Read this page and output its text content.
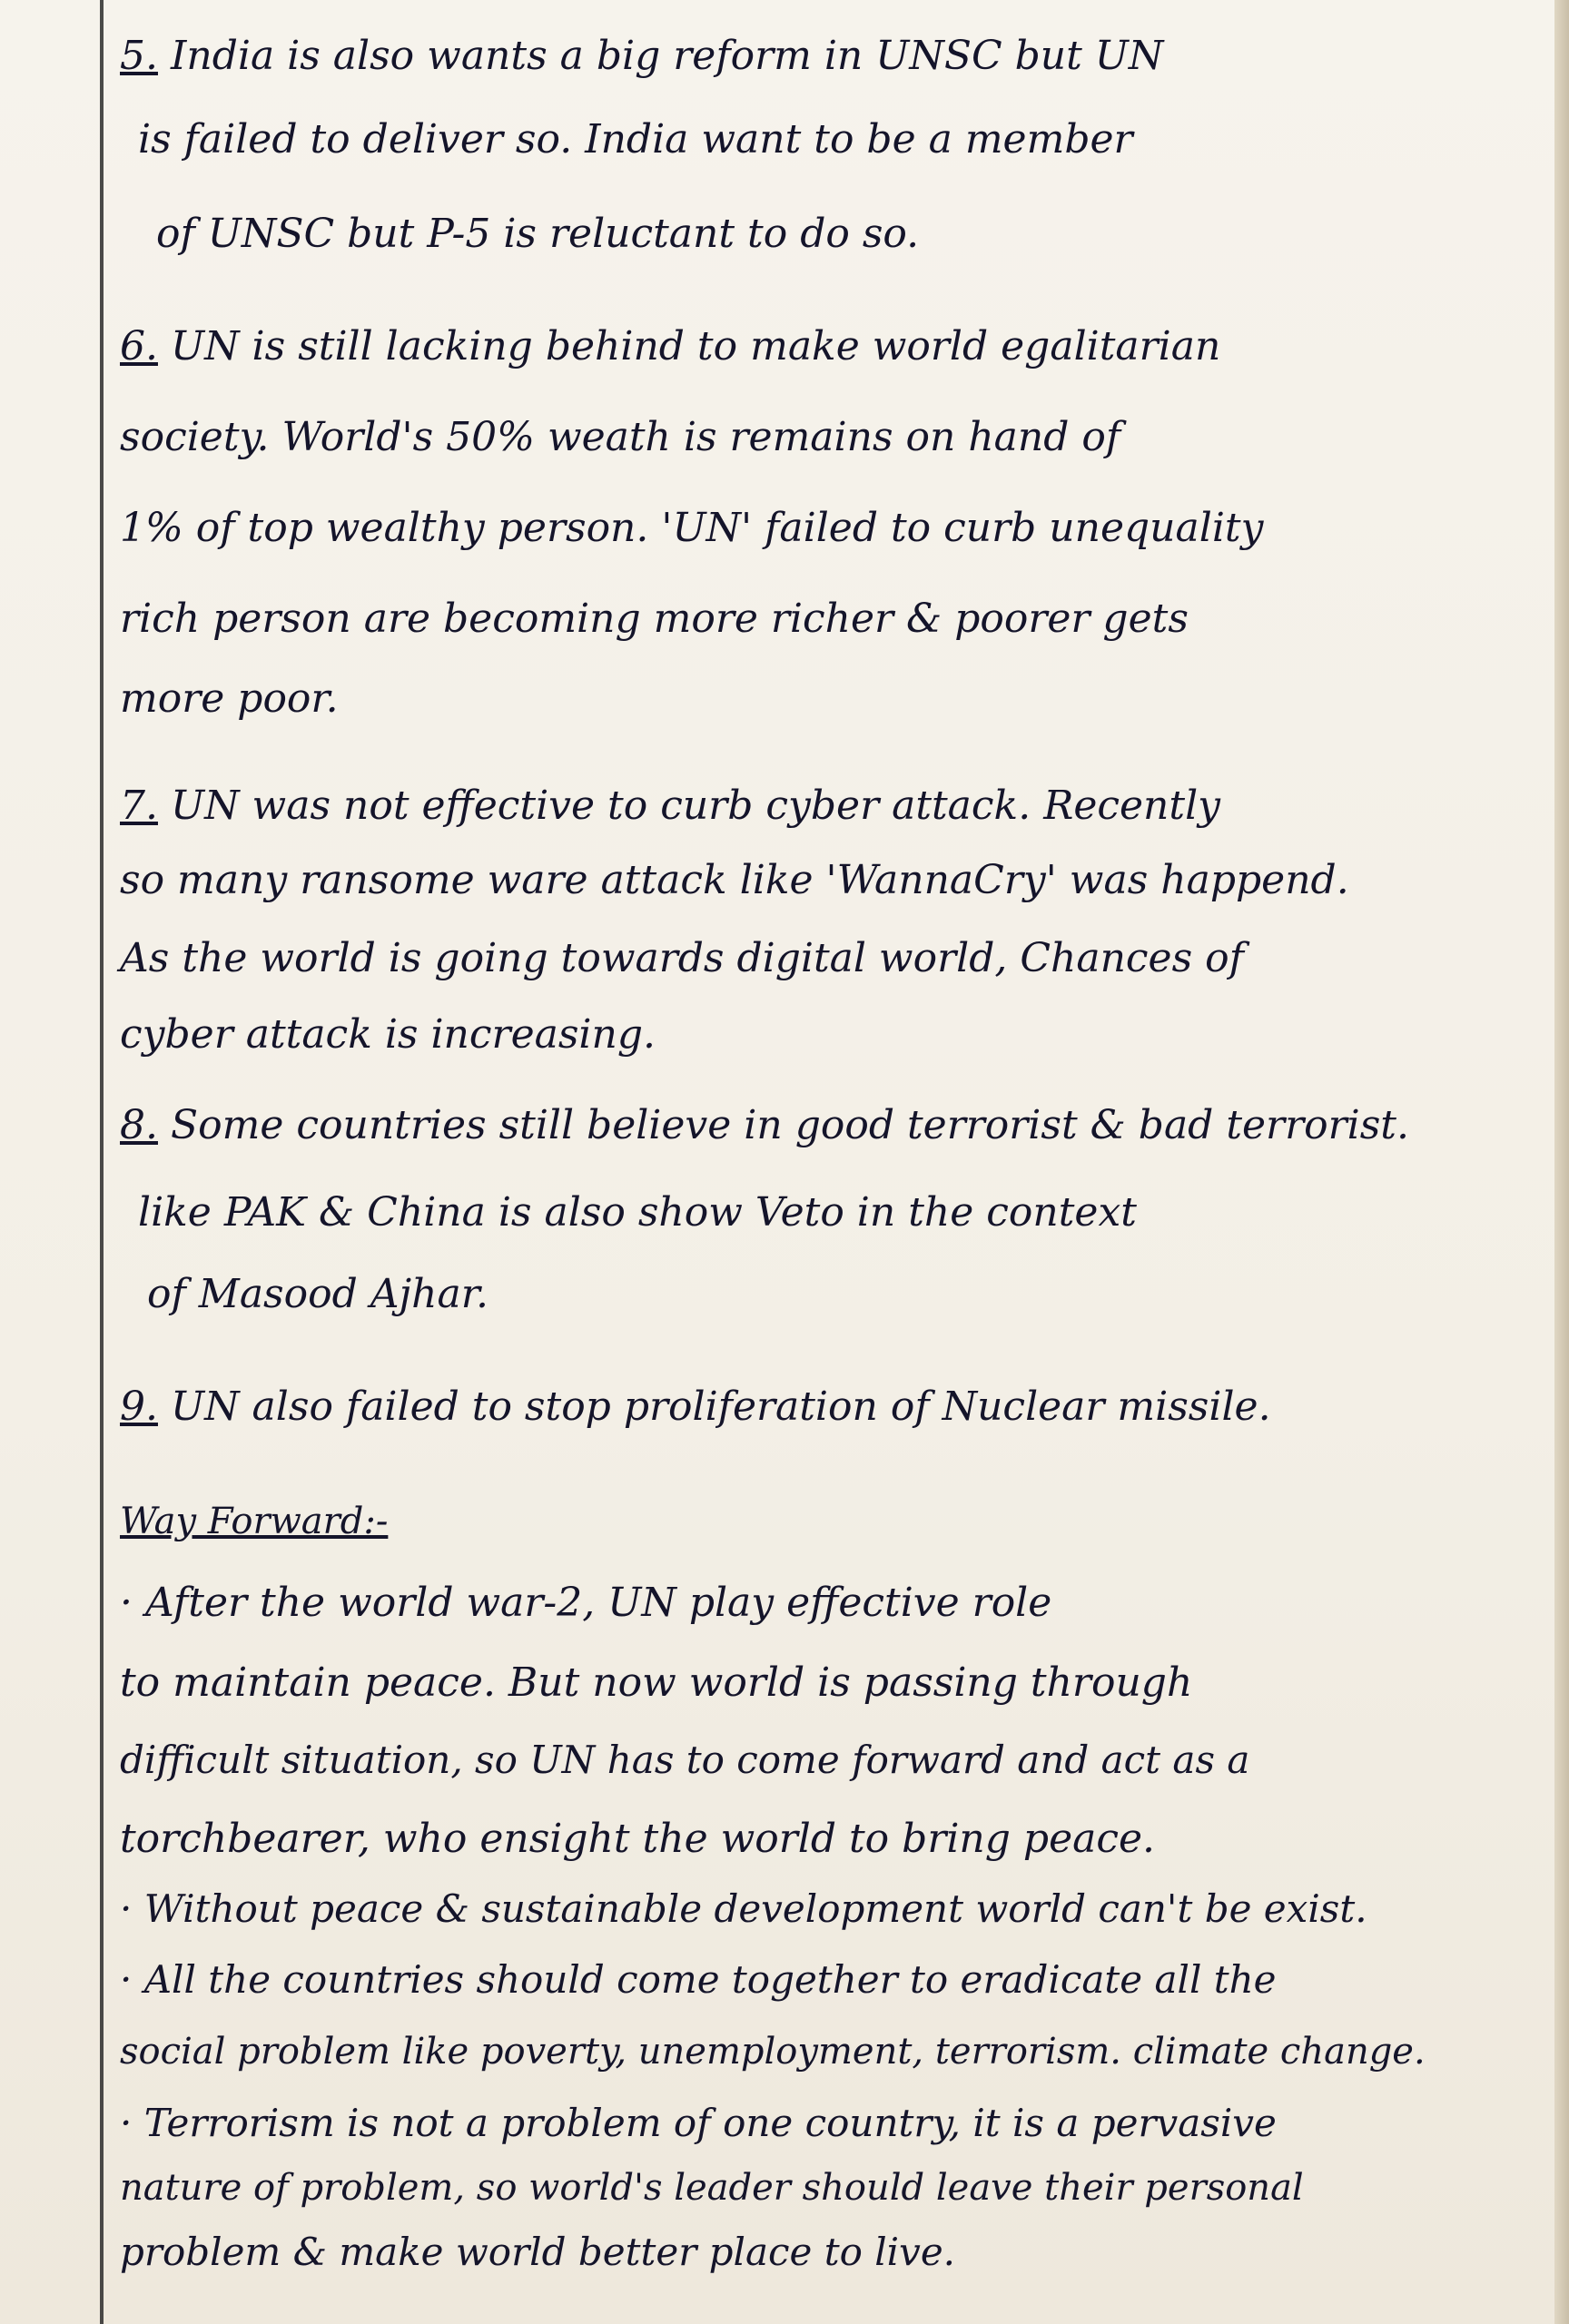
5. India is also wants a big reform in UNSC but UN
is failed to deliver so. India want to be a member
of UNSC but P-5 is reluctant to do so.
6. UN is still lacking behind to make world egalitarian
society. World's 50% weath is remains on hand of
1% of top wealthy person. 'UN' failed to curb unequality
rich person are becoming more richer & poorer gets
more poor.
7. UN was not effective to curb cyber attack. Recently
so many ransome ware attack like 'WannaCry' was happend.
As the world is going towards digital world, Chances of
cyber attack is increasing.
8. Some countries still believe in good terrorist & bad terrorist.
like PAK & China is also show Veto in the context
of Masood Ajhar.
9. UN also failed to stop proliferation of Nuclear missile.
Way Forward:-
· After the world war-2, UN play effective role
to maintain peace. But now world is passing through
difficult situation, so UN has to come forward and act as a
torchbearer, who ensight the world to bring peace.
· Without peace & sustainable development world can't be exist.
· All the countries should come together to eradicate all the
social problem like poverty, unemployment, terrorism. climate change.
· Terrorism is not a problem of one country, it is a pervasive
nature of problem, so world's leader should leave their personal
problem & make world better place to live.
